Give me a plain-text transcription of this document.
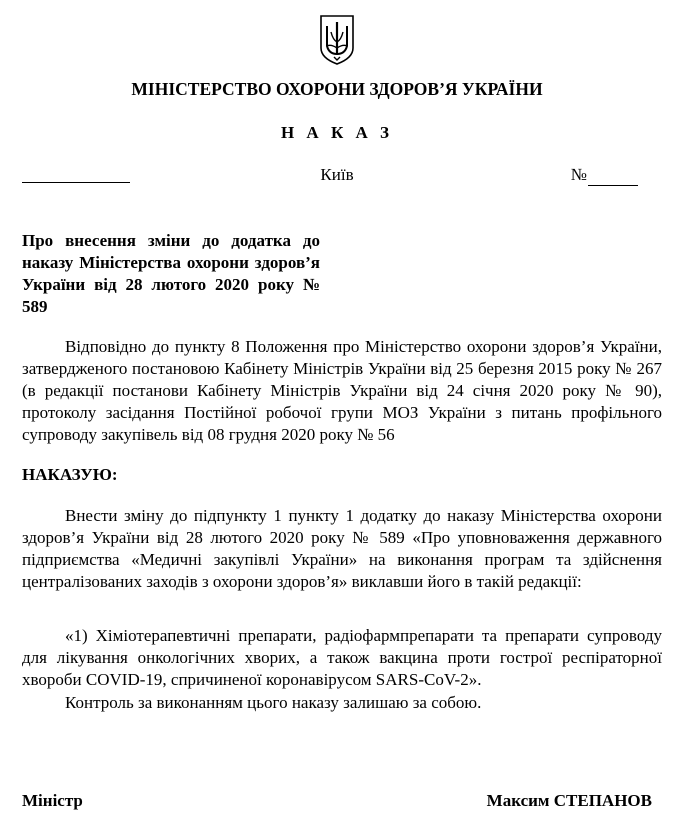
МІНІСТЕРСТВО ОХОРОНИ ЗДОРОВ’Я УКРАЇНИ
Н А К А З
Київ	№
Про внесення зміни до додатка до наказу Міністерства охорони здоров’я України від 28 лютого 2020 року № 589
Відповідно до пункту 8 Положення про Міністерство охорони здоров’я України, затвердженого постановою Кабінету Міністрів України від 25 березня 2015 року № 267 (в редакції постанови Кабінету Міністрів України від 24 січня 2020 року № 90), протоколу засідання Постійної робочої групи МОЗ України з питань профільного супроводу закупівель від 08 грудня 2020 року № 56
НАКАЗУЮ:
Внести зміну до підпункту 1 пункту 1 додатку до наказу Міністерства охорони здоров’я України від 28 лютого 2020 року № 589 «Про уповноваження державного підприємства «Медичні закупівлі України» на виконання програм та здійснення централізованих заходів з охорони здоров’я» виклавши його в такій редакції:
«1) Хіміотерапевтичні препарати, радіофармпрепарати та препарати супроводу для лікування онкологічних хворих, а також вакцина проти гострої респіраторної хвороби COVID-19, спричиненої коронавірусом SARS-CoV-2».
Контроль за виконанням цього наказу залишаю за собою.
Міністр	Максим СТЕПАНОВ
